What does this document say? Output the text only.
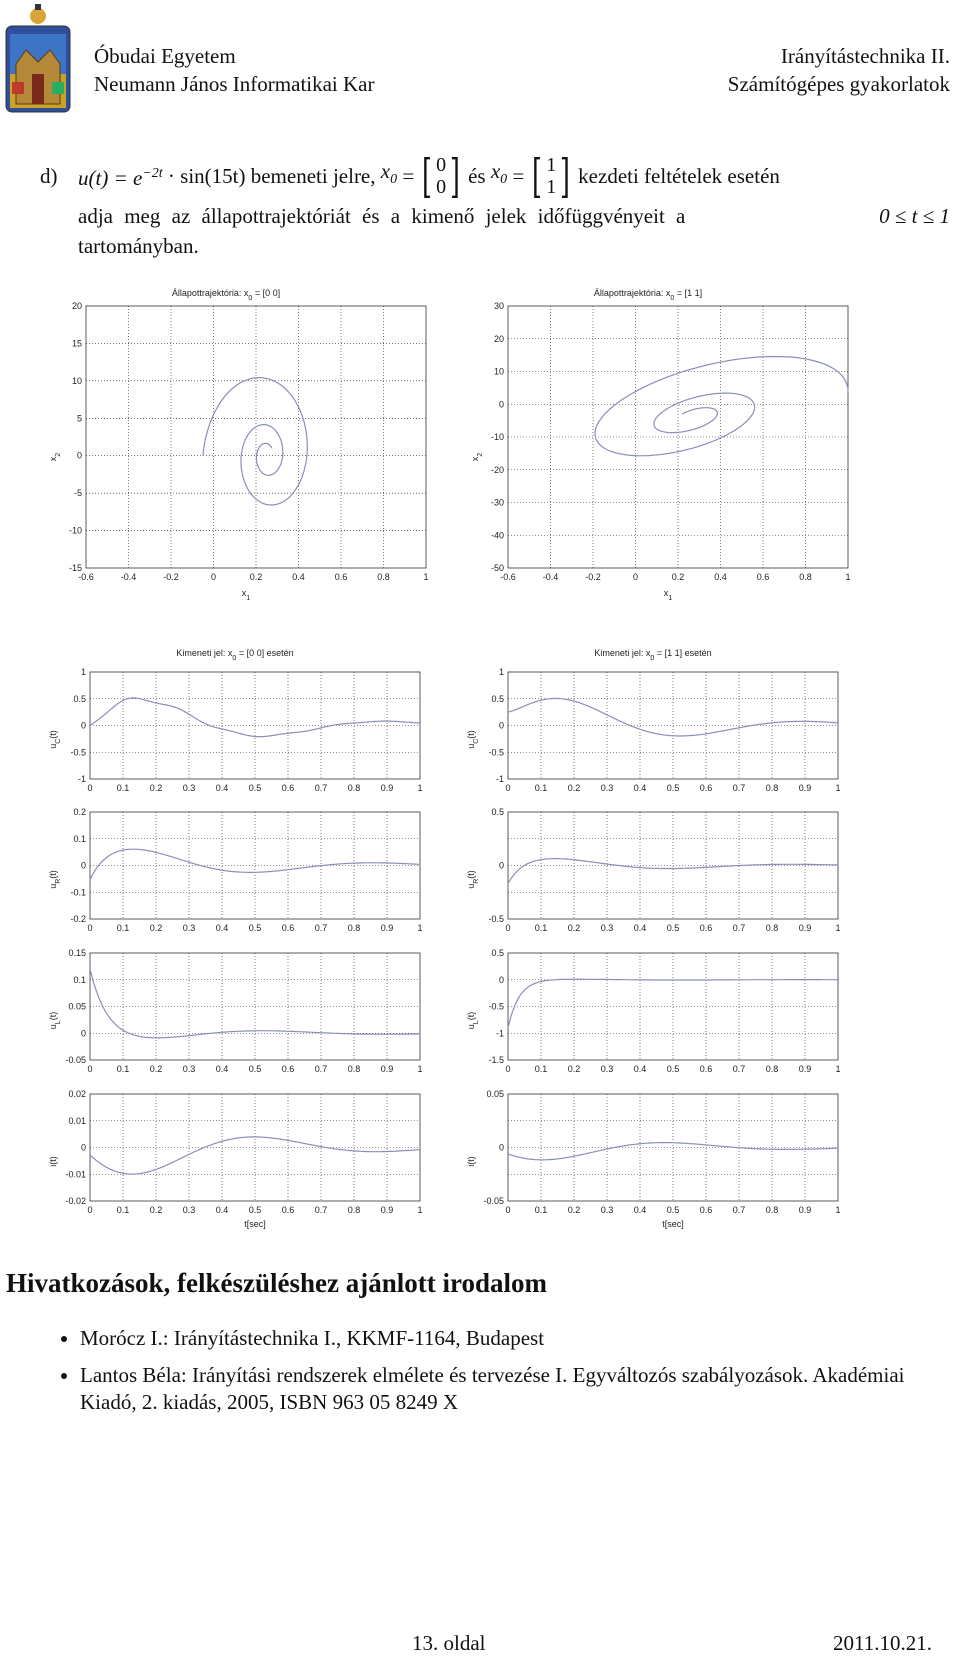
Óbudai Egyetem
Neumann János Informatikai Kar
Irányítástechnika II.
Számítógépes gyakorlatok
d) $u(t) = e^{-2t}$
· sin(15t)
bemeneti jelre,
$x_0$
= [ 0
0 ] és
$x_0$
= [ 1
1 ] kezdeti feltételek esetén
adja meg az állapottrajektóriát és a kimenő jelek időfüggvényeit a	0 ≤ t ≤ 1
tartományban.
Állapottrajektória: $x_0 = [0$ 0]
-0.6	-0.4	-0.2	0	0.2	0.4	0.6	0.8	1
20
15
10
5
0
-5
-10
-15
$x_1$
$x_2$
Állapottrajektória: $x_0 = [1$ 1]
-0.6	-0.4	-0.2	0	0.2	0.4	0.6	0.8	1
30
20
10
0
-10
-20
-30
-40
-50
$x_1$
$x_2$
Kimeneti jel: $x_0 = [0$ 0] esetén
0	0.1 0.2 0.3 0.4 0.5 0.6 0.7 0.8 0.9	1
1
0.5
0
-0.5
-1
$u_C(t)$
0	0.1 0.2 0.3 0.4 0.5 0.6 0.7 0.8 0.9	1
0.2
0.1
0
-0.1
-0.2
$u_R(t)$
0	0.1 0.2 0.3 0.4 0.5 0.6 0.7 0.8 0.9	1
0.15
0.1
0.05
0
-0.05
$u_L(t)$
0	0.1 0.2 0.3 0.4 0.5 0.6 0.7 0.8 0.9	1
0.02
0.01
0
-0.01
-0.02
i(t)
t[sec]
Kimeneti jel: $x_0 = [1$ 1] esetén
0	0.1 0.2 0.3 0.4 0.5 0.6 0.7 0.8 0.9	1
1
0.5
0
-0.5
-1
$u_C(t)$
0	0.1 0.2 0.3 0.4 0.5 0.6 0.7 0.8 0.9	1
0.5
0
-0.5
$u_R(t)$
0	0.1 0.2 0.3 0.4 0.5 0.6 0.7 0.8 0.9	1
0.5
0
-0.5
-1
-1.5
$u_L(t)$
0	0.1 0.2 0.3 0.4 0.5 0.6 0.7 0.8 0.9	1
0.05
0
-0.05
i(t)
t[sec]
Hivatkozások, felkészüléshez ajánlott irodalom
• Morócz I.: Irányítástechnika I., KKMF-1164, Budapest
• Lantos Béla: Irányítási rendszerek elmélete és tervezése I. Egyváltozós szabályozások. Akadémiai Kiadó, 2. kiadás, 2005, ISBN 963 05 8249 X
13. oldal	2011.10.21.
